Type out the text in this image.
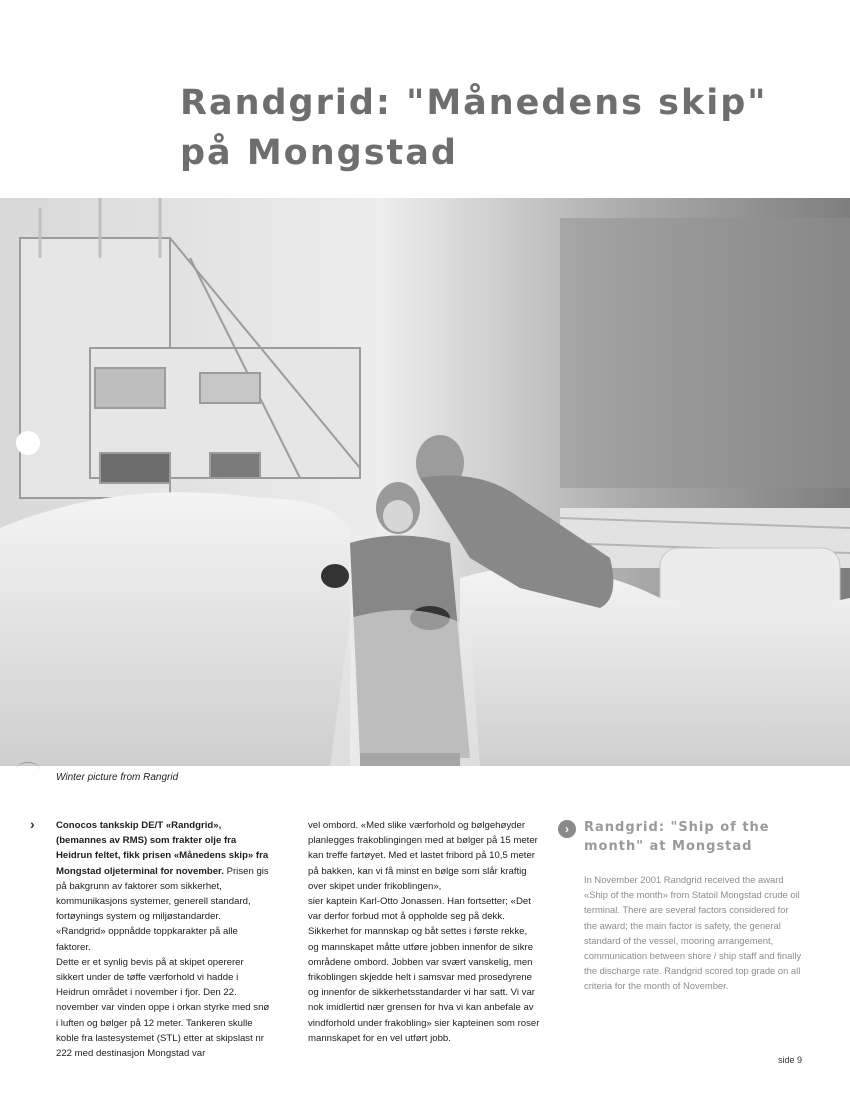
Randgrid: "Månedens skip"
på Mongstad
Winter picture from Rangrid
› Conocos tankskip DE/T «Randgrid», (bemannes av RMS) som frakter olje fra Heidrun feltet, fikk prisen «Månedens skip» fra Mongstad oljeterminal for november. Prisen gis på bakgrunn av faktorer som sikkerhet, kommunikasjons systemer, generell standard, fortøynings system og miljøstandarder. «Randgrid» oppnådde toppkarakter på alle faktorer.

Dette er et synlig bevis på at skipet opererer sikkert under de tøffe værforhold vi hadde i Heidrun området i november i fjor. Den 22. november var vinden oppe i orkan styrke med snø i luften og bølger på 12 meter. Tankeren skulle koble fra lastesystemet (STL) etter at skipslast nr 222 med destinasjon Mongstad var

vel ombord. «Med slike værforhold og bølgehøyder planlegges frakoblingingen med at bølger på 15 meter kan treffe fartøyet. Med et lastet fribord på 10,5 meter på bakken, kan vi få minst en bølge som slår kraftig over skipet under frikoblingen»,

sier kaptein Karl-Otto Jonassen. Han fortsetter; «Det var derfor forbud mot å oppholde seg på dekk. Sikkerhet for mannskap og båt settes i første rekke, og mannskapet måtte utføre jobben innenfor de sikre områdene ombord. Jobben var svært vanskelig, men frikoblingen skjedde helt i samsvar med prosedyrene og innenfor de sikkerhetsstandarder vi har satt. Vi var nok imidlertid nær grensen for hva vi kan anbefale av vindforhold under frakobling» sier kapteinen som roser mannskapet for en vel utført jobb.

›	Randgrid: "Ship of the month" at Mongstad
In November 2001 Randgrid received the award «Ship of the month» from Statoil Mongstad crude oil terminal. There are several factors considered for the award; the main factor is safety, the general standard of the vessel, mooring arrangement, communication between shore / ship staff and finally the discharge rate. Randgrid scored top grade on all criteria for the month of November.
side 9
